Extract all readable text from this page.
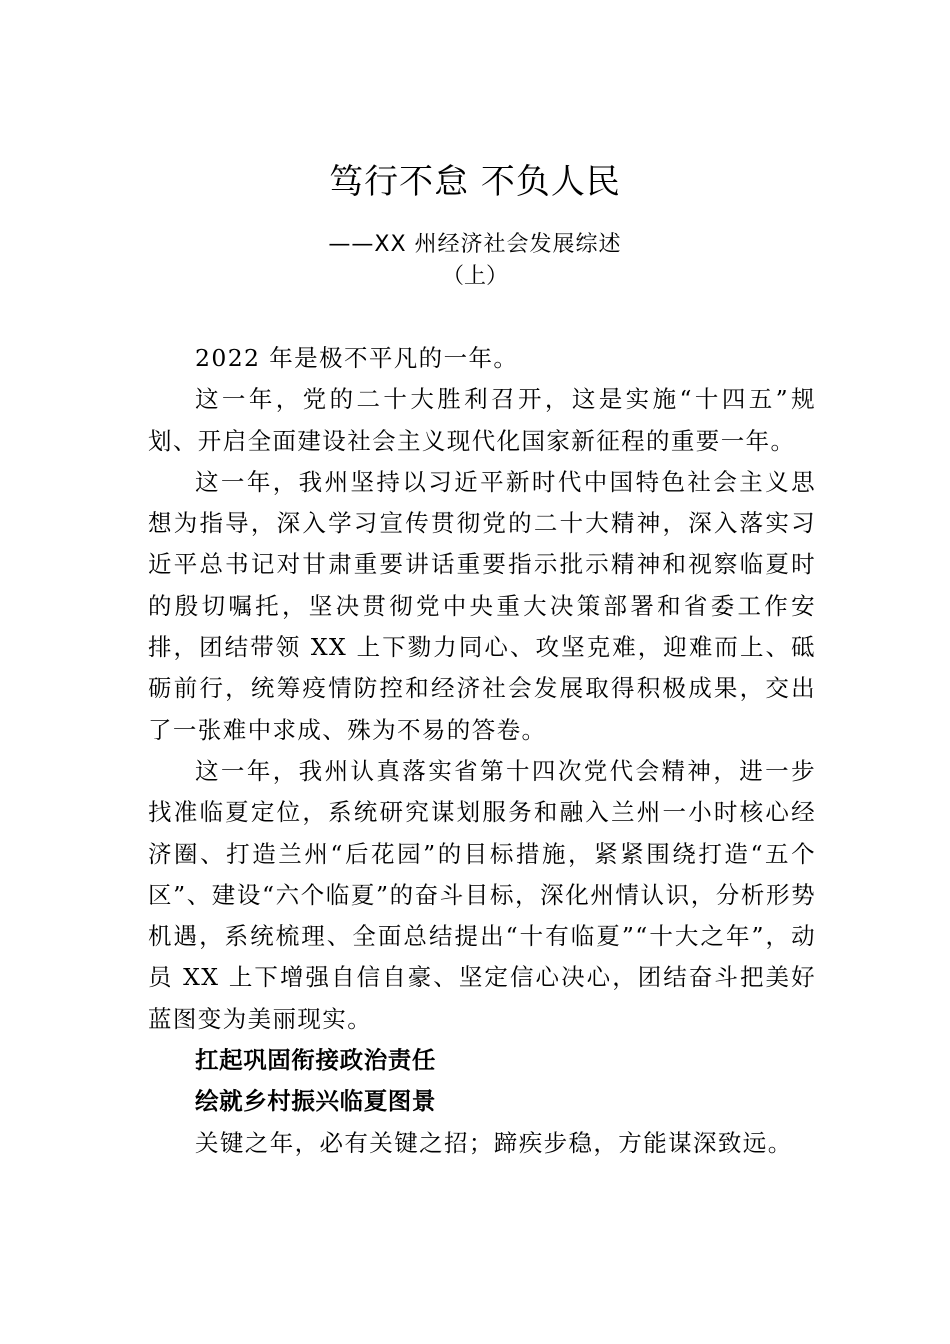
笃行不怠 不负人民
——XX 州经济社会发展综述
（上）

2022 年是极不平凡的一年。

这一年，党的二十大胜利召开，这是实施“十四五”规划、开启全面建设社会主义现代化国家新征程的重要一年。

这一年，我州坚持以习近平新时代中国特色社会主义思想为指导，深入学习宣传贯彻党的二十大精神，深入落实习近平总书记对甘肃重要讲话重要指示批示精神和视察临夏时的殷切嘱托，坚决贯彻党中央重大决策部署和省委工作安排，团结带领 XX 上下勠力同心、攻坚克难，迎难而上、砥砺前行，统筹疫情防控和经济社会发展取得积极成果，交出了一张难中求成、殊为不易的答卷。

这一年，我州认真落实省第十四次党代会精神，进一步找准临夏定位，系统研究谋划服务和融入兰州一小时核心经济圈、打造兰州“后花园”的目标措施，紧紧围绕打造“五个区”、建设“六个临夏”的奋斗目标，深化州情认识，分析形势机遇，系统梳理、全面总结提出“十有临夏”“十大之年”，动员 XX 上下增强自信自豪、坚定信心决心，团结奋斗把美好蓝图变为美丽现实。

扛起巩固衔接政治责任

绘就乡村振兴临夏图景

关键之年，必有关键之招；蹄疾步稳，方能谋深致远。
